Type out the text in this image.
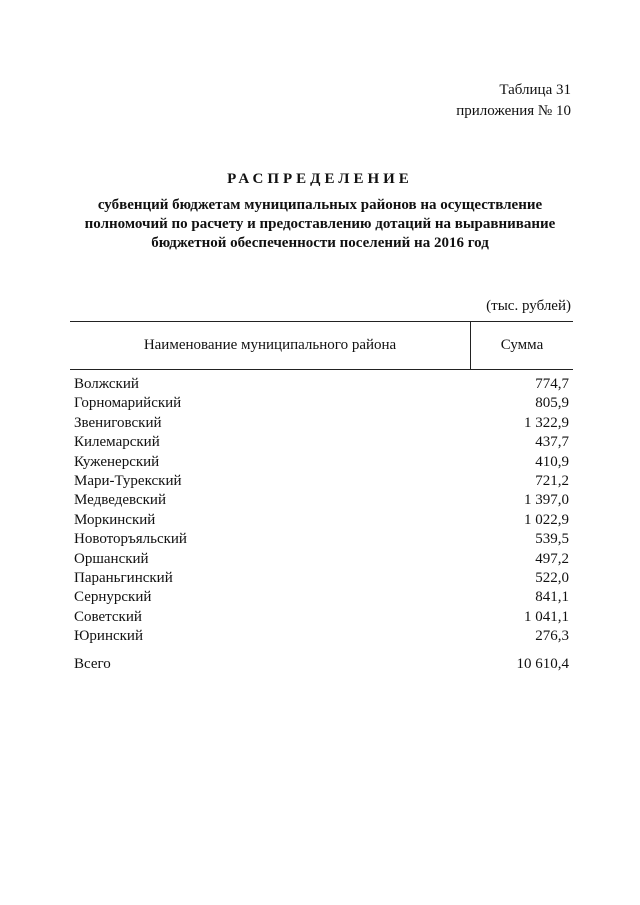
Таблица 31
приложения № 10
РАСПРЕДЕЛЕНИЕ
субвенций бюджетам муниципальных районов на осуществление
полномочий по расчету и предоставлению дотаций на выравнивание
бюджетной обеспеченности поселений на 2016 год
(тыс. рублей)
Наименование муниципального района	Сумма
Волжский	774,7
Горномарийский	805,9
Звениговский	1 322,9
Килемарский	437,7
Куженерский	410,9
Мари-Турекский	721,2
Медведевский	1 397,0
Моркинский	1 022,9
Новоторъяльский	539,5
Оршанский	497,2
Параньгинский	522,0
Сернурский	841,1
Советский	1 041,1
Юринский	276,3
Всего	10 610,4
